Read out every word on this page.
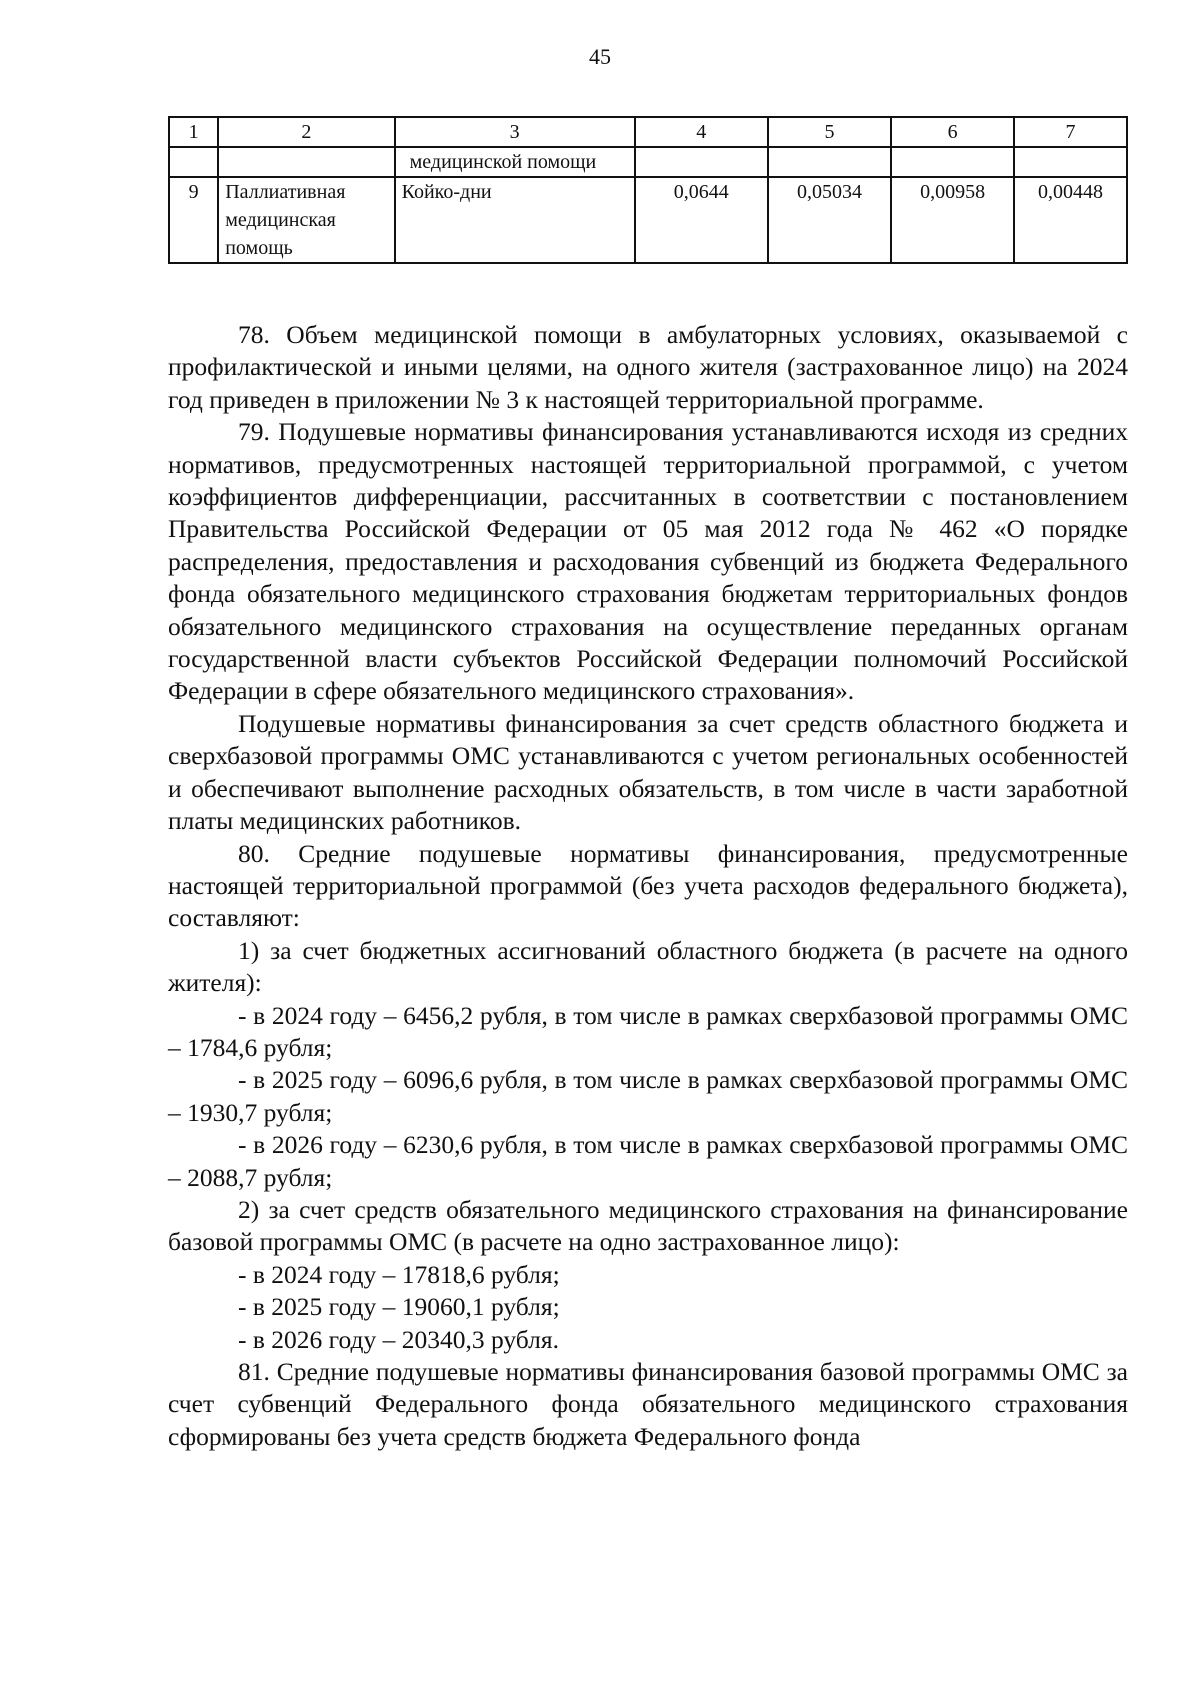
45
1	2	3	4	5	6	7
		медицинской помощи				
9	Паллиативная медицинская помощь	Койко-дни	0,0644	0,05034	0,00958	0,00448

78. Объем медицинской помощи в амбулаторных условиях, оказываемой с профилактической и иными целями, на одного жителя (застрахованное лицо) на 2024 год приведен в приложении № 3 к настоящей территориальной программе.

79. Подушевые нормативы финансирования устанавливаются исходя из средних нормативов, предусмотренных настоящей территориальной программой, с учетом коэффициентов дифференциации, рассчитанных в соответствии с постановлением Правительства Российской Федерации от 05 мая 2012 года № 462 «О порядке распределения, предоставления и расходования субвенций из бюджета Федерального фонда обязательного медицинского страхования бюджетам территориальных фондов обязательного медицинского страхования на осуществление переданных органам государственной власти субъектов Российской Федерации полномочий Российской Федерации в сфере обязательного медицинского страхования».

Подушевые нормативы финансирования за счет средств областного бюджета и сверхбазовой программы ОМС устанавливаются с учетом региональных особенностей и обеспечивают выполнение расходных обязательств, в том числе в части заработной платы медицинских работников.

80. Средние подушевые нормативы финансирования, предусмотренные настоящей территориальной программой (без учета расходов федерального бюджета), составляют:

1) за счет бюджетных ассигнований областного бюджета (в расчете на одного жителя):

- в 2024 году – 6456,2 рубля, в том числе в рамках сверхбазовой программы ОМС – 1784,6 рубля;

- в 2025 году – 6096,6 рубля, в том числе в рамках сверхбазовой программы ОМС – 1930,7 рубля;

- в 2026 году – 6230,6 рубля, в том числе в рамках сверхбазовой программы ОМС – 2088,7 рубля;

2) за счет средств обязательного медицинского страхования на финансирование базовой программы ОМС (в расчете на одно застрахованное лицо):

- в 2024 году – 17818,6 рубля;

- в 2025 году – 19060,1 рубля;

- в 2026 году – 20340,3 рубля.

81. Средние подушевые нормативы финансирования базовой программы ОМС за счет субвенций Федерального фонда обязательного медицинского страхования сформированы без учета средств бюджета Федерального фонда
